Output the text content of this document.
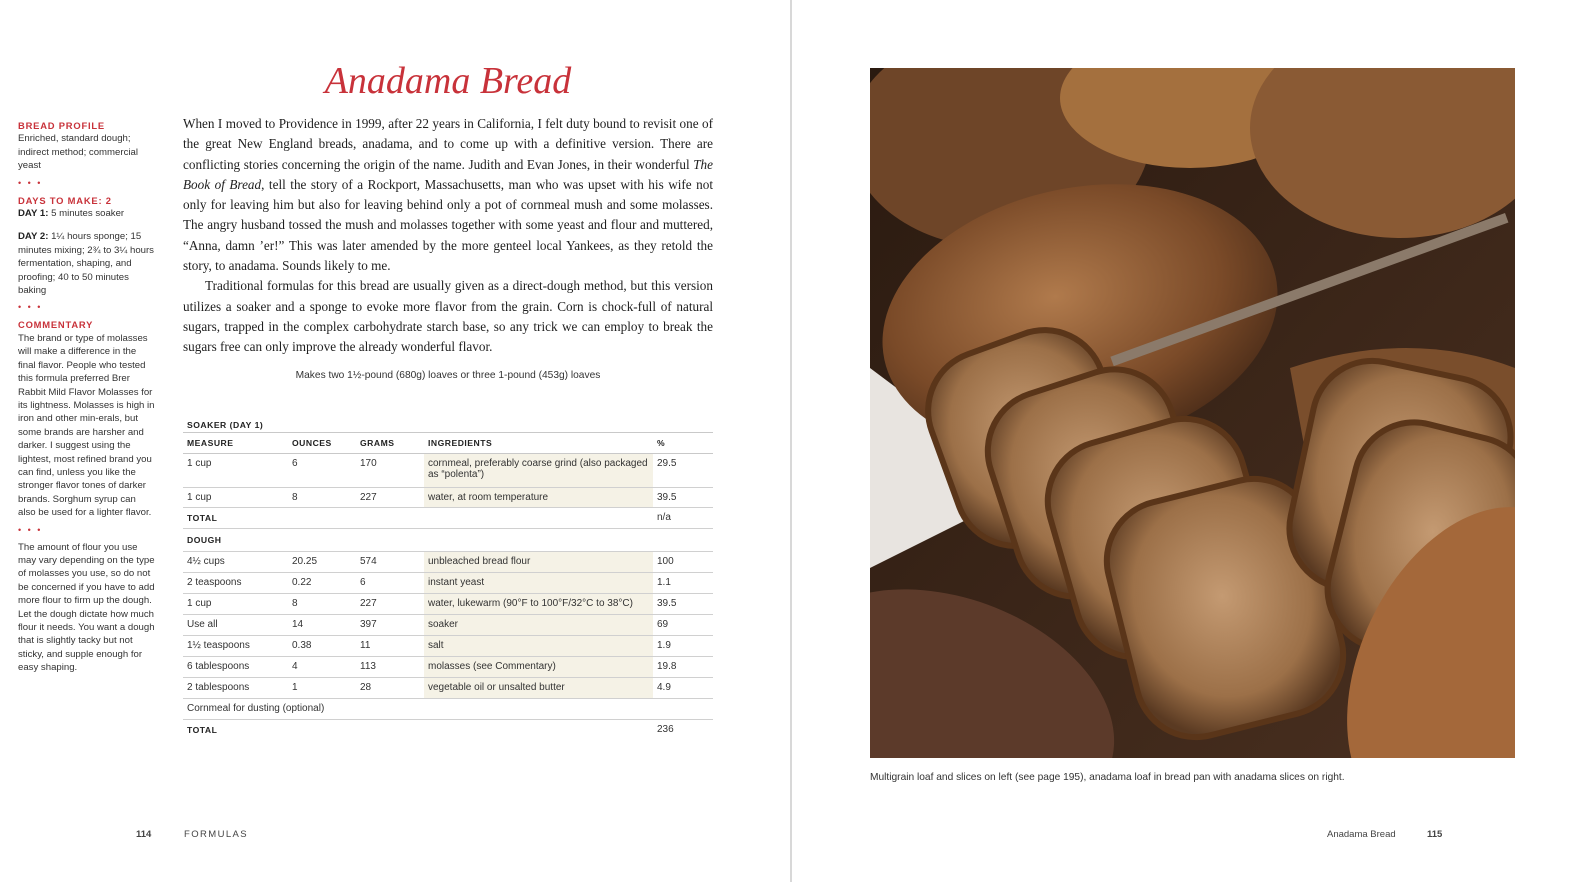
Anadama Bread

BREAD PROFILE

Enriched, standard dough; indirect method; commercial yeast

• • •

DAYS TO MAKE: 2

DAY 1: 5 minutes soaker

DAY 2: 1¼ hours sponge; 15 minutes mixing; 2¾ to 3¼ hours fermentation, shaping, and proofing; 40 to 50 minutes baking

• • •

COMMENTARY

The brand or type of molasses will make a difference in the final flavor. People who tested this formula preferred Brer Rabbit Mild Flavor Molasses for its lightness. Molasses is high in iron and other min-erals, but some brands are harsher and darker. I suggest using the lightest, most refined brand you can find, unless you like the stronger flavor tones of darker brands. Sorghum syrup can also be used for a lighter flavor.

• • •

The amount of flour you use may vary depending on the type of molasses you use, so do not be concerned if you have to add more flour to firm up the dough. Let the dough dictate how much flour it needs. You want a dough that is slightly tacky but not sticky, and supple enough for easy shaping.

When I moved to Providence in 1999, after 22 years in California, I felt duty bound to revisit one of the great New England breads, anadama, and to come up with a definitive version. There are conflicting stories concerning the origin of the name. Judith and Evan Jones, in their wonderful The Book of Bread, tell the story of a Rockport, Massachusetts, man who was upset with his wife not only for leaving him but also for leaving behind only a pot of cornmeal mush and some molasses. The angry husband tossed the mush and molasses together with some yeast and flour and muttered, “Anna, damn ’er!” This was later amended by the more genteel local Yankees, as they retold the story, to anadama. Sounds likely to me.

Traditional formulas for this bread are usually given as a direct-dough method, but this version utilizes a soaker and a sponge to evoke more flavor from the grain. Corn is chock-full of natural sugars, trapped in the complex carbohydrate starch base, so any trick we can employ to break the sugars free can only improve the already wonderful flavor.

Makes two 1½-pound (680g) loaves or three 1-pound (453g) loaves
SOAKER (DAY 1)				
MEASURE	OUNCES	GRAMS	INGREDIENTS	%
1 cup	6	170	cornmeal, preferably coarse grind (also packaged as “polenta”)	29.5
1 cup	8	227	water, at room temperature	39.5
TOTAL				n/a
DOUGH				
4½ cups	20.25	574	unbleached bread flour	100
2 teaspoons	0.22	6	instant yeast	1.1
1 cup	8	227	water, lukewarm (90°F to 100°F/32°C to 38°C)	39.5
Use all	14	397	soaker	69
1½ teaspoons	0.38	11	salt	1.9
6 tablespoons	4	113	molasses (see Commentary)	19.8
2 tablespoons	1	28	vegetable oil or unsalted butter	4.9
Cornmeal for dusting (optional)				
TOTAL				236
114	FORMULAS
Multigrain loaf and slices on left (see page 195), anadama loaf in bread pan with anadama slices on right.
Anadama Bread	115
